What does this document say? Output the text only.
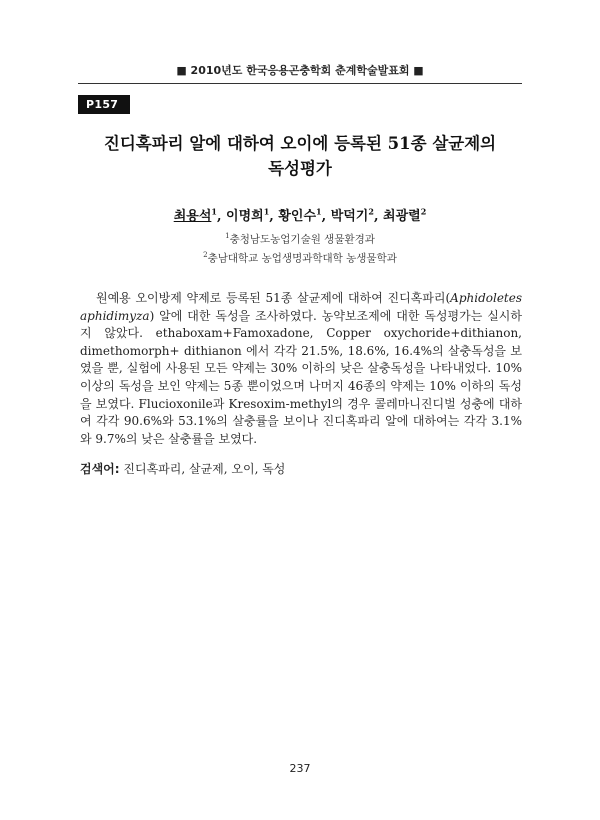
■ 2010년도 한국응용곤충학회 춘계학술발표회 ■
P157
진디혹파리 알에 대하여 오이에 등록된 51종 살균제의
독성평가
최용석$^1$, 이명희$^1$, 황인수$^1$, 박덕기$^2$, 최광렬$^2$
$^1$충청남도농업기술원 생물환경과
$^2$충남대학교 농업생명과학대학 농생물학과

원예용 오이방제 약제로 등록된 51종 살균제에 대하여 진디혹파리(Aphidoletes aphidimyza) 알에 대한 독성을 조사하였다. 농약보조제에 대한 독성평가는 실시하지 않았다. ethaboxam+Famoxadone, Copper oxychoride+dithianon, dimethomorph+ dithianon 에서 각각 21.5%, 18.6%, 16.4%의 살충독성을 보였을 뿐, 실험에 사용된 모든 약제는 30% 이하의 낮은 살충독성을 나타내었다. 10% 이상의 독성을 보인 약제는 5종 뿐이었으며 나머지 46종의 약제는 10% 이하의 독성을 보였다. Flucioxonile과 Kresoxim-methyl의 경우 콜레마니진디벌 성충에 대하여 각각 90.6%와 53.1%의 살충률을 보이나 진디혹파리 알에 대하여는 각각 3.1%와 9.7%의 낮은 살충률을 보였다.

검색어: 진디혹파리, 살균제, 오이, 독성
237
